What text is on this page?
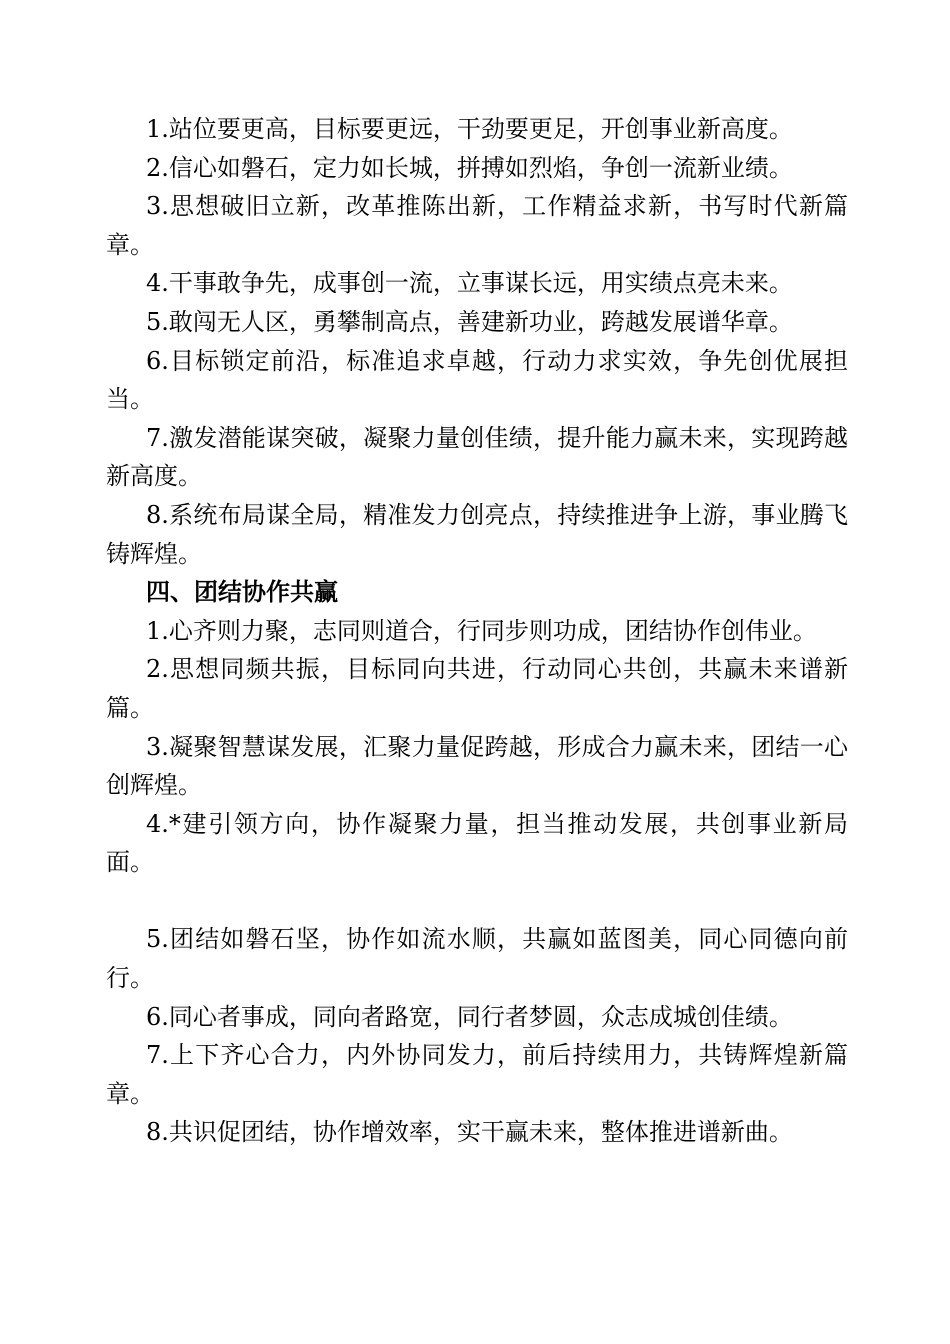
1.站位要更高，目标要更远，干劲要更足，开创事业新高度。

2.信心如磐石，定力如长城，拼搏如烈焰，争创一流新业绩。

3.思想破旧立新，改革推陈出新，工作精益求新，书写时代新篇章。

4.干事敢争先，成事创一流，立事谋长远，用实绩点亮未来。

5.敢闯无人区，勇攀制高点，善建新功业，跨越发展谱华章。

6.目标锁定前沿，标准追求卓越，行动力求实效，争先创优展担当。

7.激发潜能谋突破，凝聚力量创佳绩，提升能力赢未来，实现跨越新高度。

8.系统布局谋全局，精准发力创亮点，持续推进争上游，事业腾飞铸辉煌。

四、团结协作共赢

1.心齐则力聚，志同则道合，行同步则功成，团结协作创伟业。

2.思想同频共振，目标同向共进，行动同心共创，共赢未来谱新篇。

3.凝聚智慧谋发展，汇聚力量促跨越，形成合力赢未来，团结一心创辉煌。

4.*建引领方向，协作凝聚力量，担当推动发展，共创事业新局面。

5.团结如磐石坚，协作如流水顺，共赢如蓝图美，同心同德向前行。

6.同心者事成，同向者路宽，同行者梦圆，众志成城创佳绩。

7.上下齐心合力，内外协同发力，前后持续用力，共铸辉煌新篇章。

8.共识促团结，协作增效率，实干赢未来，整体推进谱新曲。
